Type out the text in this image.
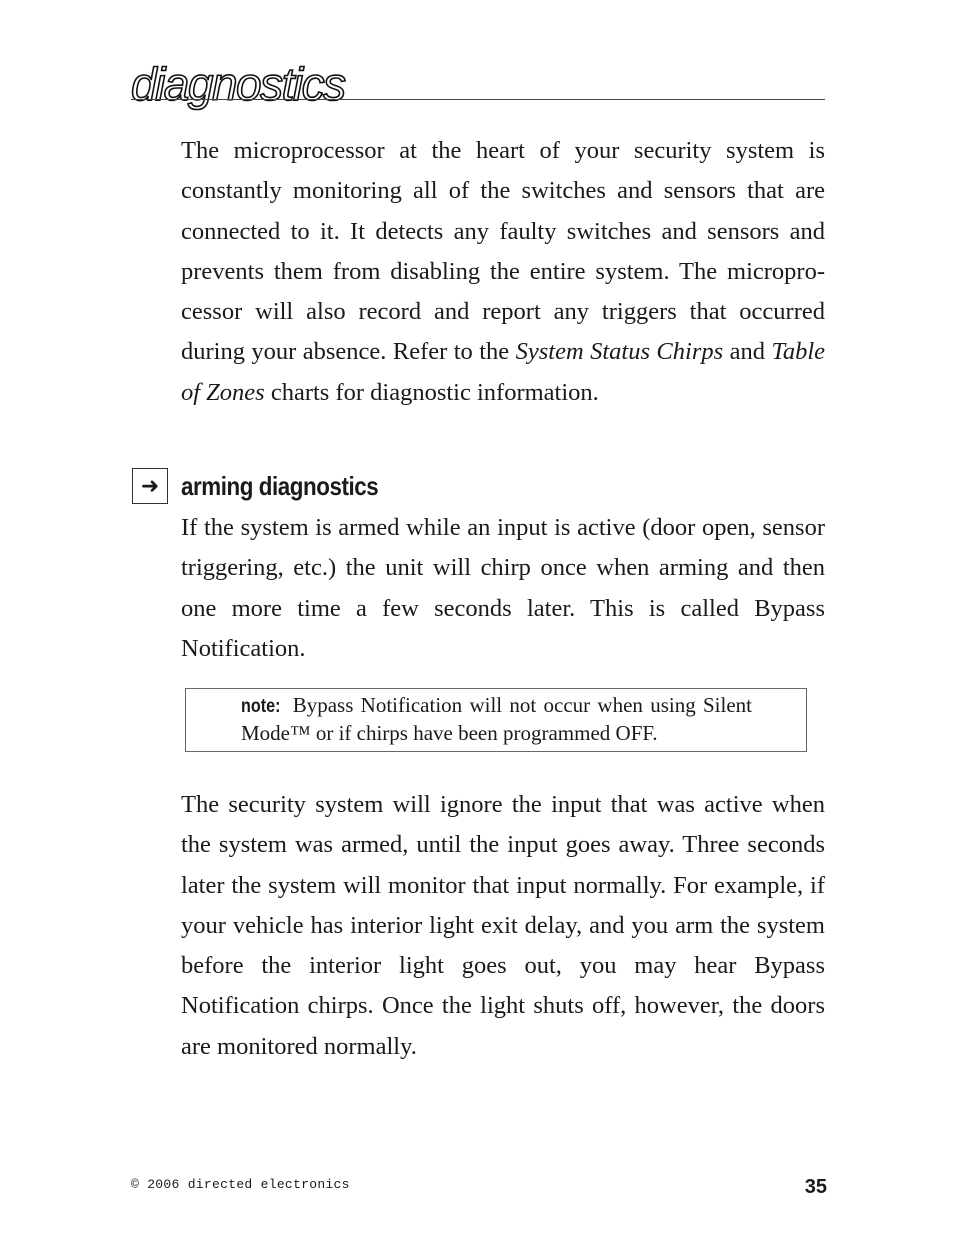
diagnostics

The microprocessor at the heart of your security system is constantly monitoring all of the switches and sensors that are connected to it. It detects any faulty switches and sensors and prevents them from disabling the entire system. The microprocessor will also record and report any triggers that occurred during your absence. Refer to the System Status Chirps and Table of Zones charts for diagnostic information.

➜ arming diagnostics

If the system is armed while an input is active (door open, sensor triggering, etc.) the unit will chirp once when arming and then one more time a few seconds later. This is called Bypass Notification.

note: Bypass Notification will not occur when using Silent Mode™ or if chirps have been programmed OFF.

The security system will ignore the input that was active when the system was armed, until the input goes away. Three seconds later the system will monitor that input normally. For example, if your vehicle has interior light exit delay, and you arm the system before the interior light goes out, you may hear Bypass Notification chirps. Once the light shuts off, however, the doors are monitored normally.

© 2006 directed electronics	35
